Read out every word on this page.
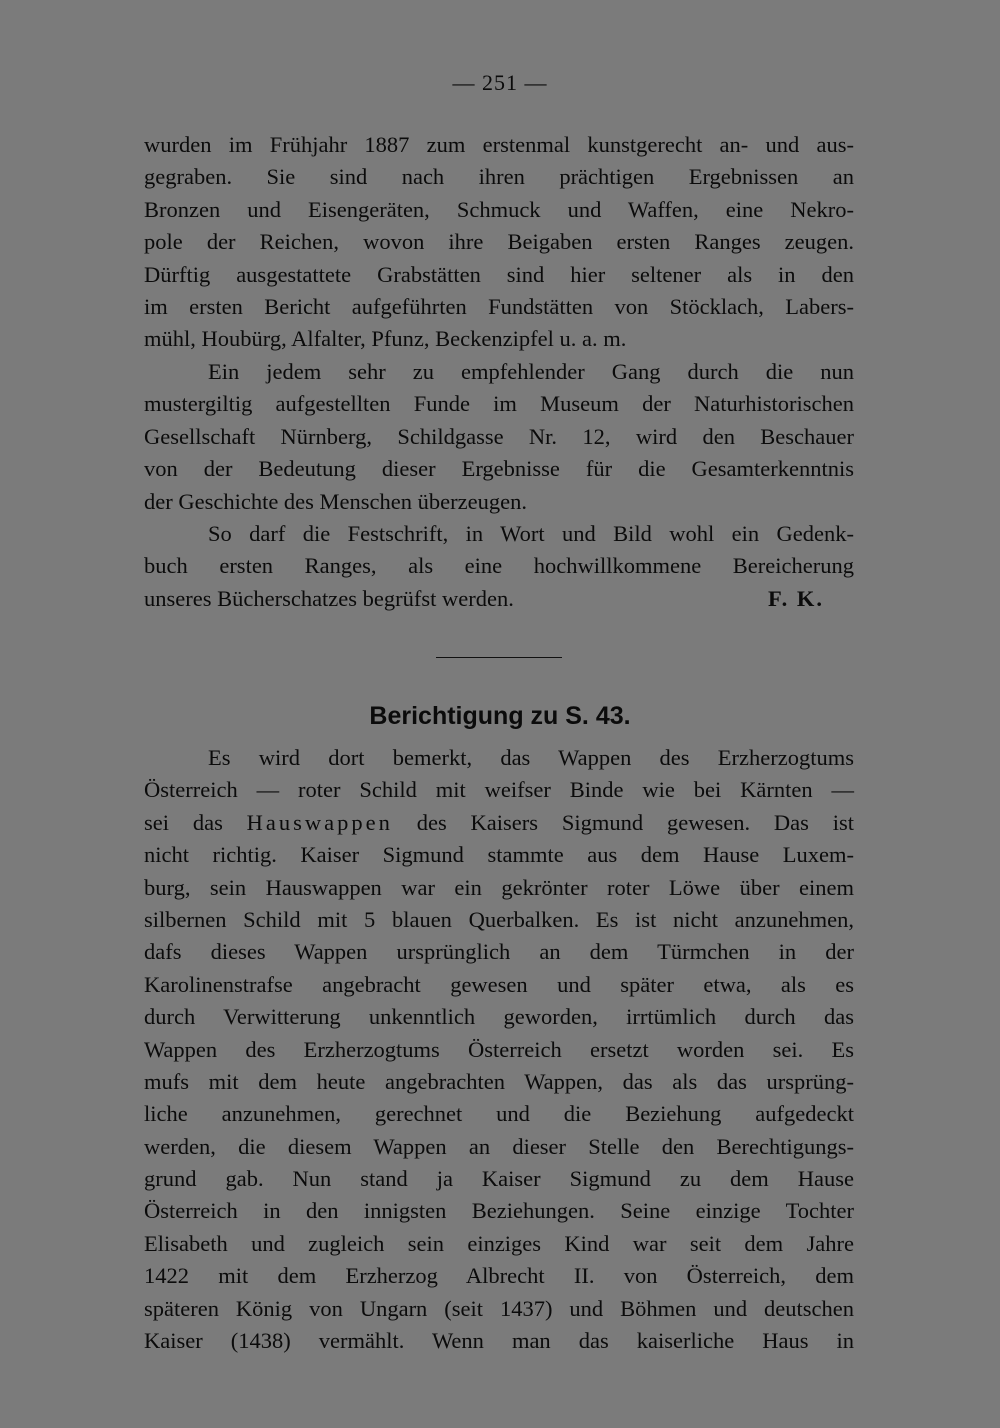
— 251 —
wurden im Frühjahr 1887 zum erstenmal kunstgerecht an- und aus-
gegraben. Sie sind nach ihren prächtigen Ergebnissen an
Bronzen und Eisengeräten, Schmuck und Waffen, eine Nekro-
pole der Reichen, wovon ihre Beigaben ersten Ranges zeugen.
Dürftig ausgestattete Grabstätten sind hier seltener als in den
im ersten Bericht aufgeführten Fundstätten von Stöcklach, Labers-
mühl, Houbürg, Alfalter, Pfunz, Beckenzipfel u. a. m.
Ein jedem sehr zu empfehlender Gang durch die nun
mustergiltig aufgestellten Funde im Museum der Naturhistorischen
Gesellschaft Nürnberg, Schildgasse Nr. 12, wird den Beschauer
von der Bedeutung dieser Ergebnisse für die Gesamterkenntnis
der Geschichte des Menschen überzeugen.
So darf die Festschrift, in Wort und Bild wohl ein Gedenk-
buch ersten Ranges, als eine hochwillkommene Bereicherung
unseres Bücherschatzes begrüfst werden.	F. K.
Berichtigung zu S. 43.
Es wird dort bemerkt, das Wappen des Erzherzogtums
Österreich — roter Schild mit weifser Binde wie bei Kärnten —
sei das Hauswappen des Kaisers Sigmund gewesen. Das ist
nicht richtig. Kaiser Sigmund stammte aus dem Hause Luxem-
burg, sein Hauswappen war ein gekrönter roter Löwe über einem
silbernen Schild mit 5 blauen Querbalken. Es ist nicht anzunehmen,
dafs dieses Wappen ursprünglich an dem Türmchen in der
Karolinenstrafse angebracht gewesen und später etwa, als es
durch Verwitterung unkenntlich geworden, irrtümlich durch das
Wappen des Erzherzogtums Österreich ersetzt worden sei. Es
mufs mit dem heute angebrachten Wappen, das als das ursprüng-
liche anzunehmen, gerechnet und die Beziehung aufgedeckt
werden, die diesem Wappen an dieser Stelle den Berechtigungs-
grund gab. Nun stand ja Kaiser Sigmund zu dem Hause
Österreich in den innigsten Beziehungen. Seine einzige Tochter
Elisabeth und zugleich sein einziges Kind war seit dem Jahre
1422 mit dem Erzherzog Albrecht II. von Österreich, dem
späteren König von Ungarn (seit 1437) und Böhmen und deutschen
Kaiser (1438) vermählt. Wenn man das kaiserliche Haus in
